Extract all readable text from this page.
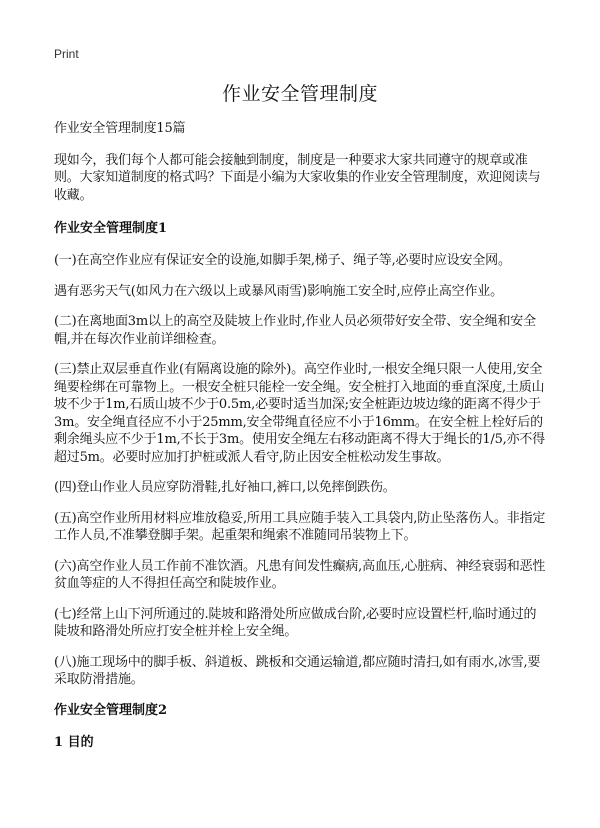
Print
作业安全管理制度

作业安全管理制度15篇

现如今，我们每个人都可能会接触到制度，制度是一种要求大家共同遵守的规章或准则。大家知道制度的格式吗？下面是小编为大家收集的作业安全管理制度，欢迎阅读与收藏。

作业安全管理制度1

(一)在高空作业应有保证安全的设施,如脚手架,梯子、绳子等,必要时应设安全网。

遇有恶劣天气(如风力在六级以上或暴风雨雪)影响施工安全时,应停止高空作业。

(二)在离地面3m以上的高空及陡坡上作业时,作业人员必须带好安全带、安全绳和安全帽,并在每次作业前详细检查。

(三)禁止双层垂直作业(有隔离设施的除外)。高空作业时,一根安全绳只限一人使用,安全绳要栓绑在可靠物上。一根安全桩只能栓一安全绳。安全桩打入地面的垂直深度,土质山坡不少于1m,石质山坡不少于0.5m,必要时适当加深;安全桩距边坡边缘的距离不得少于3m。安全绳直径应不小于25mm,安全带绳直径应不小于16mm。在安全桩上栓好后的剩余绳头应不少于1m,不长于3m。使用安全绳左右移动距离不得大于绳长的1/5,亦不得超过5m。必要时应加打护桩或派人看守,防止因安全桩松动发生事故。

(四)登山作业人员应穿防滑鞋,扎好袖口,裤口,以免摔倒跌伤。

(五)高空作业所用材料应堆放稳妥,所用工具应随手装入工具袋内,防止坠落伤人。非指定工作人员,不准攀登脚手架。起重架和绳索不准随同吊装物上下。

(六)高空作业人员工作前不准饮酒。凡患有间发性癫病,高血压,心脏病、神经衰弱和恶性贫血等症的人不得担任高空和陡坡作业。

(七)经常上山下河所通过的.陡坡和路滑处所应做成台阶,必要时应设置栏杆,临时通过的陡坡和路滑处所应打安全桩并栓上安全绳。

(八)施工现场中的脚手板、斜道板、跳板和交通运输道,都应随时清扫,如有雨水,冰雪,要采取防滑措施。

作业安全管理制度2
1 目的
